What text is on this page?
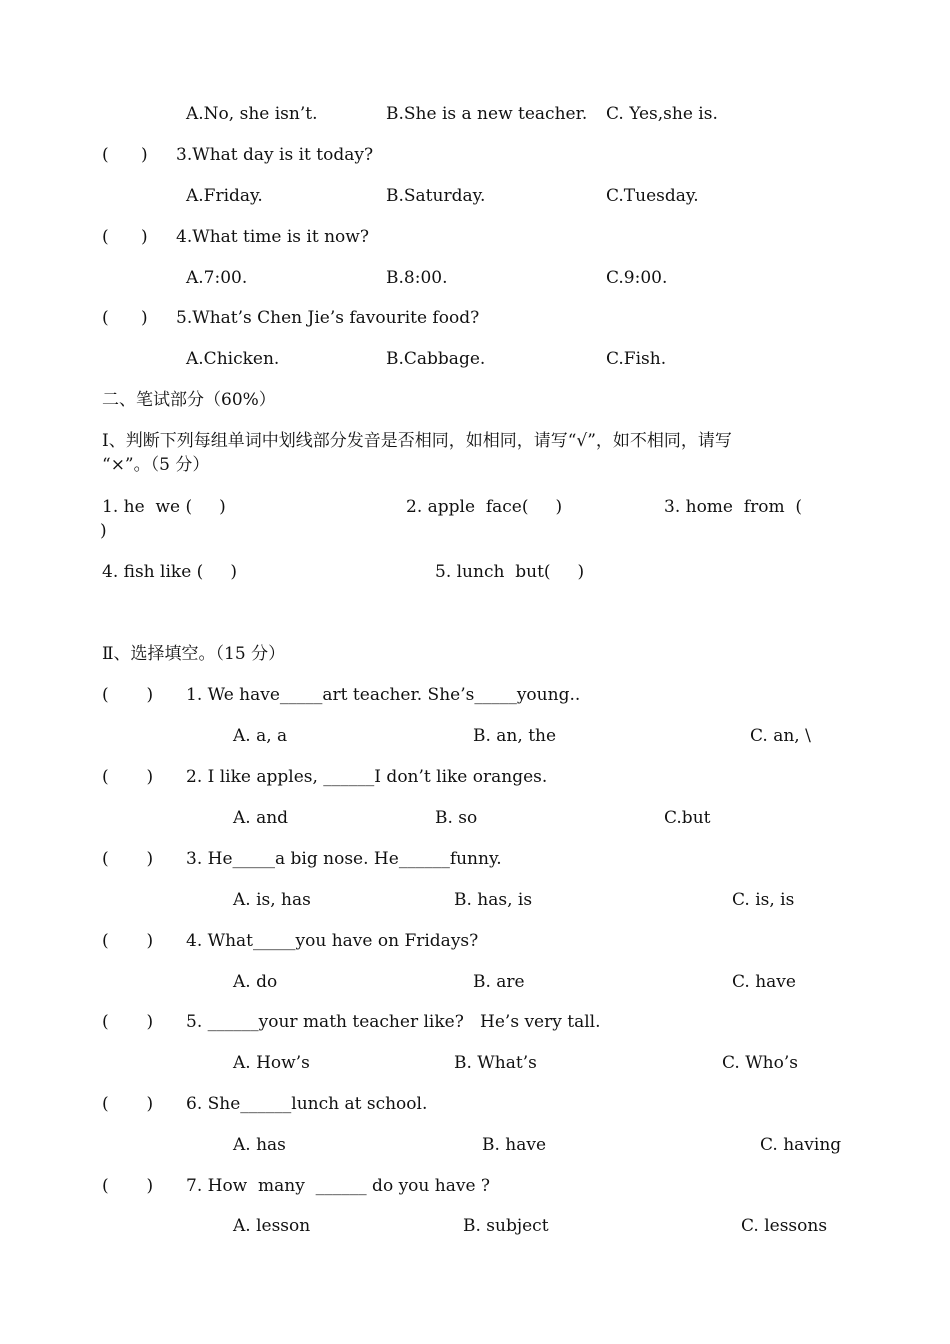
A.No, she isn’t.	B.She is a new teacher. C. Yes,she is.
(      ) 3.What day is it today?
A.Friday.	B.Saturday.	C.Tuesday.
(      ) 4.What time is it now?
A.7:00.	B.8:00.	C.9:00.
(      ) 5.What’s Chen Jie’s favourite food?
A.Chicken.	B.Cabbage.	C.Fish.
二、笔试部分（60%）
Ⅰ、判断下列每组单词中划线部分发音是否相同，如相同，请写“√”，如不相同，请写
“×”。（5 分）
1. he  we (     )	2. apple  face(     )	3. home  from  (
)
4. fish like (     )	5. lunch  but(     )
Ⅱ、选择填空。（15 分）
(       ) 1. We have_____art teacher. She’s_____young..
A. a, a	B. an, the	C. an, \
(       ) 2. I like apples, ______I don’t like oranges.
A. and	B. so	C.but
(       ) 3. He_____a big nose. He______funny.
A. is, has	B. has, is	C. is, is
(       ) 4. What_____you have on Fridays?
A. do	B. are	C. have
(       ) 5. ______your math teacher like?   He’s very tall.
A. How’s	B. What’s	C. Who’s
(       ) 6. She______lunch at school.
A. has	B. have	C. having
(       ) 7. How  many  ______ do you have ?
A. lesson	B. subject	C. lessons
